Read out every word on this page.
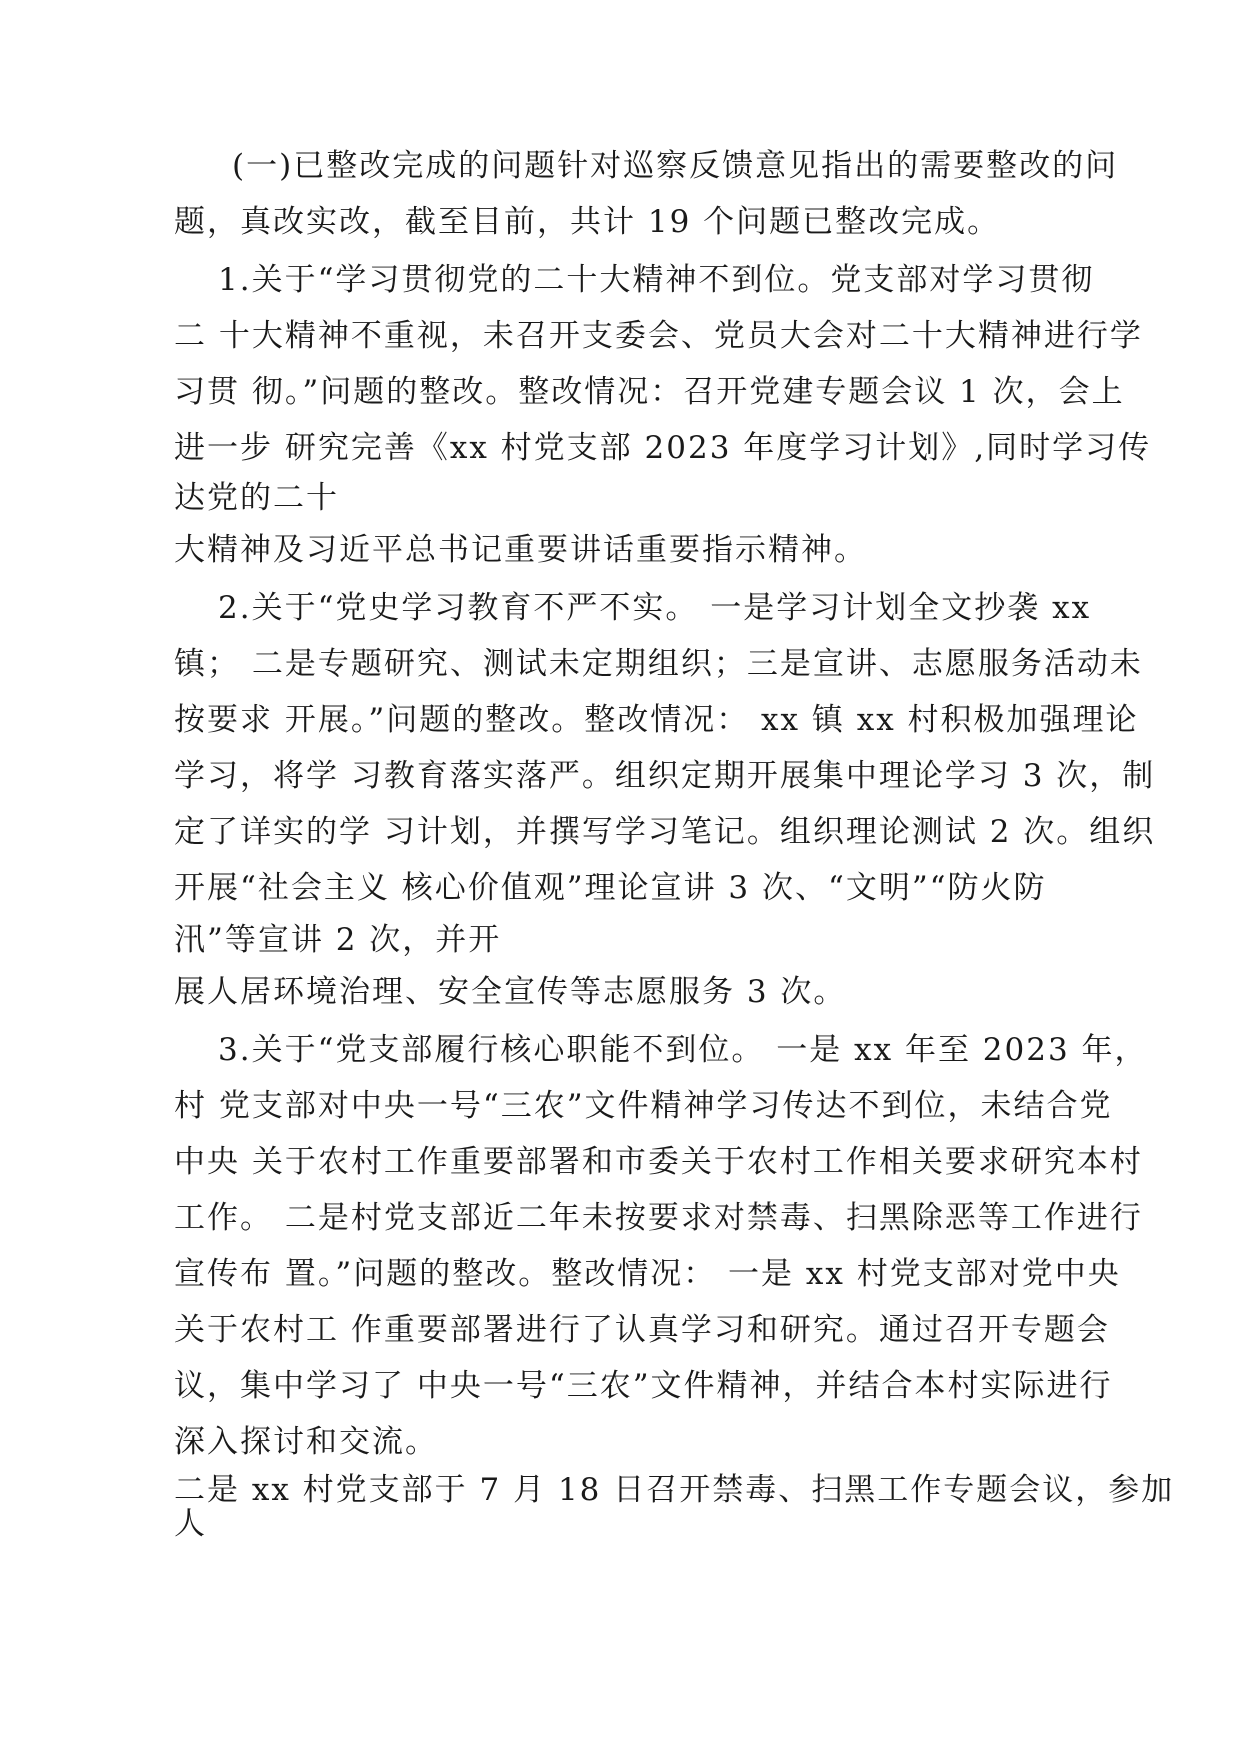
(一)已整改完成的问题针对巡察反馈意见指出的需要整改的问
题，真改实改，截至目前，共计 19 个问题已整改完成。
1.关于“学习贯彻党的二十大精神不到位。党支部对学习贯彻
二 十大精神不重视，未召开支委会、党员大会对二十大精神进行学
习贯 彻。”问题的整改。整改情况：召开党建专题会议 1 次，会上
进一步 研究完善《xx 村党支部 2023 年度学习计划》,同时学习传
达党的二十
大精神及习近平总书记重要讲话重要指示精神。
2.关于“党史学习教育不严不实。 一是学习计划全文抄袭 xx
镇； 二是专题研究、测试未定期组织；三是宣讲、志愿服务活动未
按要求 开展。”问题的整改。整改情况： xx 镇 xx 村积极加强理论
学习，将学 习教育落实落严。组织定期开展集中理论学习 3 次，制
定了详实的学 习计划，并撰写学习笔记。组织理论测试 2 次。组织
开展“社会主义 核心价值观”理论宣讲 3 次、“文明”“防火防
汛”等宣讲 2 次，并开
展人居环境治理、安全宣传等志愿服务 3 次。
3.关于“党支部履行核心职能不到位。 一是 xx 年至 2023 年，
村 党支部对中央一号“三农”文件精神学习传达不到位，未结合党
中央 关于农村工作重要部署和市委关于农村工作相关要求研究本村
工作。 二是村党支部近二年未按要求对禁毒、扫黑除恶等工作进行
宣传布 置。”问题的整改。整改情况： 一是 xx 村党支部对党中央
关于农村工 作重要部署进行了认真学习和研究。通过召开专题会
议，集中学习了 中央一号“三农”文件精神，并结合本村实际进行
深入探讨和交流。
二是 xx 村党支部于 7 月 18 日召开禁毒、扫黑工作专题会议，参加
人
